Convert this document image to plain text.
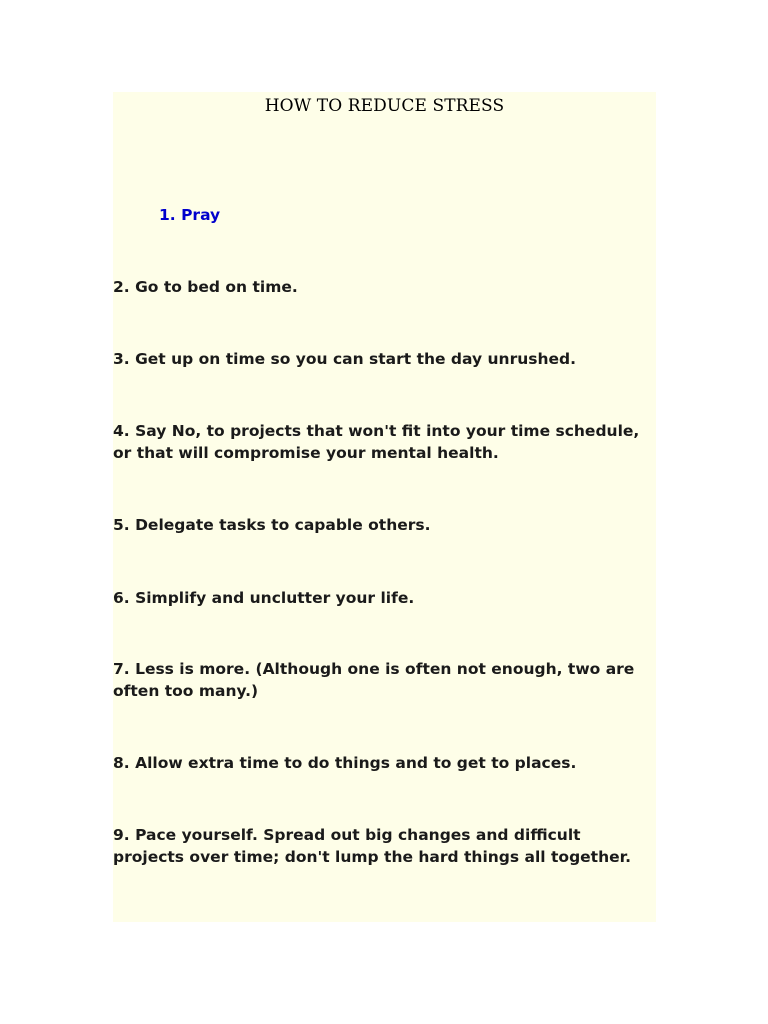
HOW TO REDUCE STRESS

1. Pray

2. Go to bed on time.

3. Get up on time so you can start the day unrushed.

4. Say No, to projects that won't fit into your time schedule, or that will compromise your mental health.

5. Delegate tasks to capable others.

6. Simplify and unclutter your life.

7. Less is more. (Although one is often not enough, two are often too many.)

8. Allow extra time to do things and to get to places.

9. Pace yourself. Spread out big changes and difficult projects over time; don't lump the hard things all together.
